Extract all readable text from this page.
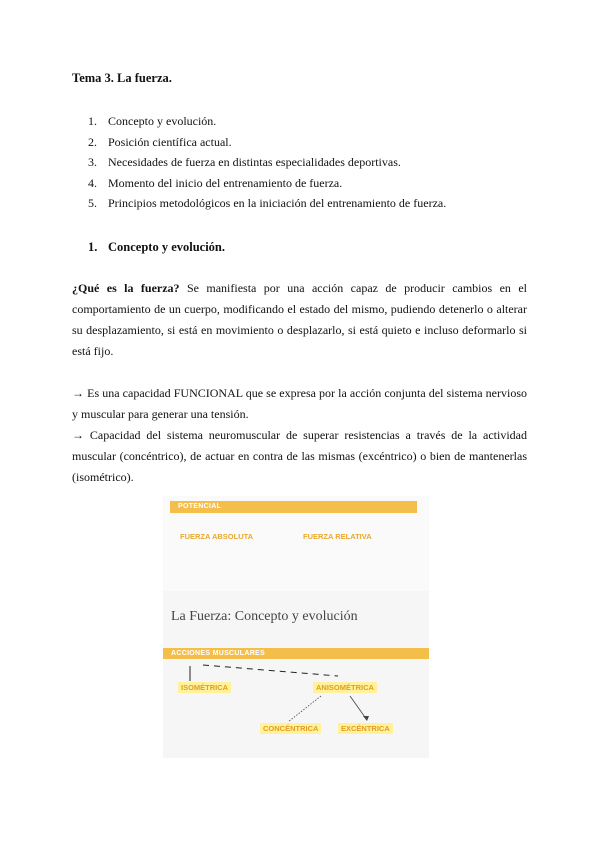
Tema 3. La fuerza.
1. Concepto y evolución.
2. Posición científica actual.
3. Necesidades de fuerza en distintas especialidades deportivas.
4. Momento del inicio del entrenamiento de fuerza.
5. Principios metodológicos en la iniciación del entrenamiento de fuerza.
1. Concepto y evolución.
¿Qué es la fuerza? Se manifiesta por una acción capaz de producir cambios en el comportamiento de un cuerpo, modificando el estado del mismo, pudiendo detenerlo o alterar su desplazamiento, si está en movimiento o desplazarlo, si está quieto e incluso deformarlo si está fijo.
→ Es una capacidad FUNCIONAL que se expresa por la acción conjunta del sistema nervioso y muscular para generar una tensión.
→ Capacidad del sistema neuromuscular de superar resistencias a través de la actividad muscular (concéntrico), de actuar en contra de las mismas (excéntrico) o bien de mantenerlas (isométrico).
POTENCIAL
FUERZA ABSOLUTA	FUERZA RELATIVA
La Fuerza: Concepto y evolución
ACCIONES MUSCULARES
ISOMÉTRICA	ANISOMÉTRICA
CONCÉNTRICA	EXCÉNTRICA
